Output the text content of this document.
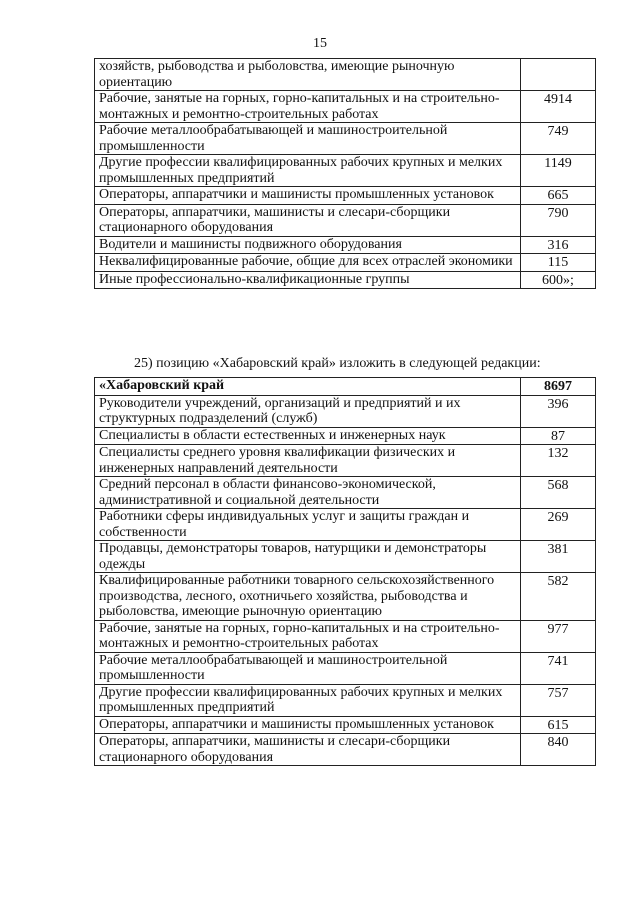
15
хозяйств, рыбоводства и рыболовства, имеющие рыночную ориентацию	
Рабочие, занятые на горных, горно-капитальных и на строительно-монтажных и ремонтно-строительных работах	4914
Рабочие металлообрабатывающей и машиностроительной промышленности	749
Другие профессии квалифицированных рабочих крупных и мелких промышленных предприятий	1149
Операторы, аппаратчики и машинисты промышленных установок	665
Операторы, аппаратчики, машинисты и слесари-сборщики стационарного оборудования	790
Водители и машинисты подвижного оборудования	316
Неквалифицированные рабочие, общие для всех отраслей экономики	115
Иные профессионально-квалификационные группы	600»;
25) позицию «Хабаровский край» изложить в следующей редакции:
«Хабаровский край	8697
Руководители учреждений, организаций и предприятий и их структурных подразделений (служб)	396
Специалисты в области естественных и инженерных наук	87
Специалисты среднего уровня квалификации физических и инженерных направлений деятельности	132
Средний персонал в области финансово-экономической, административной и социальной деятельности	568
Работники сферы индивидуальных услуг и защиты граждан и собственности	269
Продавцы, демонстраторы товаров, натурщики и демонстраторы одежды	381
Квалифицированные работники товарного сельскохозяйственного производства, лесного, охотничьего хозяйства, рыбоводства и рыболовства, имеющие рыночную ориентацию	582
Рабочие, занятые на горных, горно-капитальных и на строительно-монтажных и ремонтно-строительных работах	977
Рабочие металлообрабатывающей и машиностроительной промышленности	741
Другие профессии квалифицированных рабочих крупных и мелких промышленных предприятий	757
Операторы, аппаратчики и машинисты промышленных установок	615
Операторы, аппаратчики, машинисты и слесари-сборщики стационарного оборудования	840
